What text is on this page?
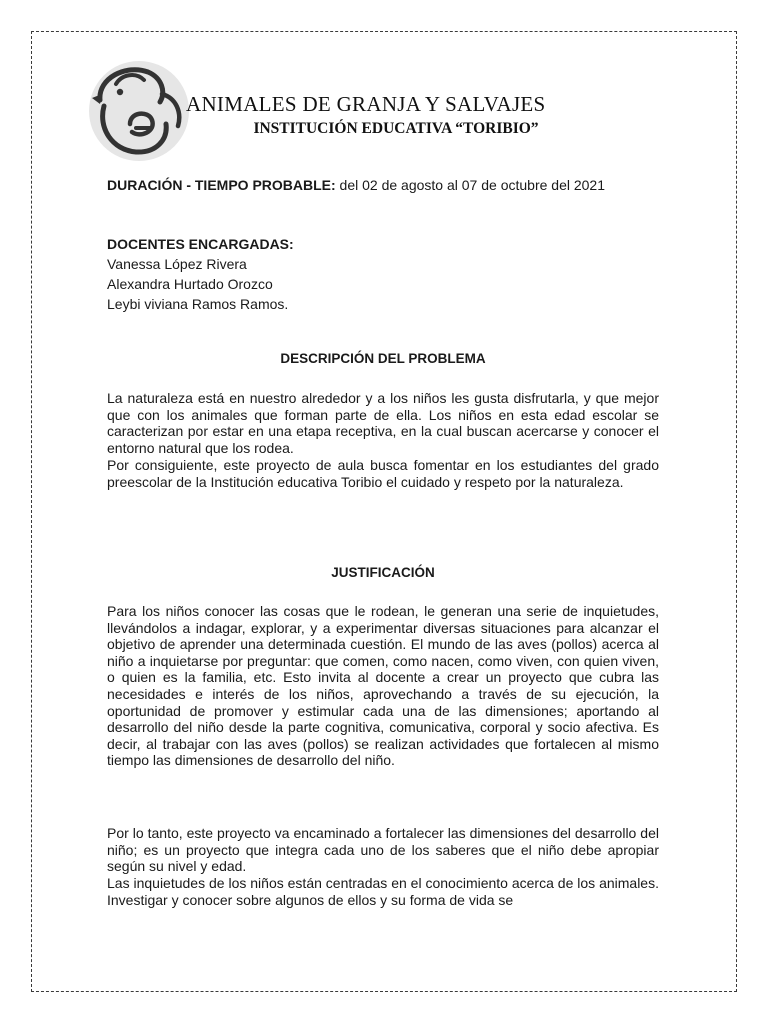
ANIMALES DE GRANJA Y SALVAJES
INSTITUCIÓN EDUCATIVA “TORIBIO”
DURACIÓN - TIEMPO PROBABLE: del 02 de agosto al 07 de octubre del 2021
DOCENTES ENCARGADAS:
Vanessa López Rivera
Alexandra Hurtado Orozco
Leybi viviana Ramos Ramos.

DESCRIPCIÓN DEL PROBLEMA

La naturaleza está en nuestro alrededor y a los niños les gusta disfrutarla, y que mejor que con los animales que forman parte de ella. Los niños en esta edad escolar se caracterizan por estar en una etapa receptiva, en la cual buscan acercarse y conocer el entorno natural que los rodea.

Por consiguiente, este proyecto de aula busca fomentar en los estudiantes del grado preescolar de la Institución educativa Toribio el cuidado y respeto por la naturaleza.

JUSTIFICACIÓN

Para los niños conocer las cosas que le rodean, le generan una serie de inquietudes, llevándolos a indagar, explorar, y a experimentar diversas situaciones para alcanzar el objetivo de aprender una determinada cuestión. El mundo de las aves (pollos) acerca al niño a inquietarse por preguntar: que comen, como nacen, como viven, con quien viven, o quien es la familia, etc. Esto invita al docente a crear un proyecto que cubra las necesidades e interés de los niños, aprovechando a través de su ejecución, la oportunidad de promover y estimular cada una de las dimensiones; aportando al desarrollo del niño desde la parte cognitiva, comunicativa, corporal y socio afectiva. Es decir, al trabajar con las aves (pollos) se realizan actividades que fortalecen al mismo tiempo las dimensiones de desarrollo del niño.

Por lo tanto, este proyecto va encaminado a fortalecer las dimensiones del desarrollo del niño; es un proyecto que integra cada uno de los saberes que el niño debe apropiar según su nivel y edad.

Las inquietudes de los niños están centradas en el conocimiento acerca de los animales. Investigar y conocer sobre algunos de ellos y su forma de vida se
